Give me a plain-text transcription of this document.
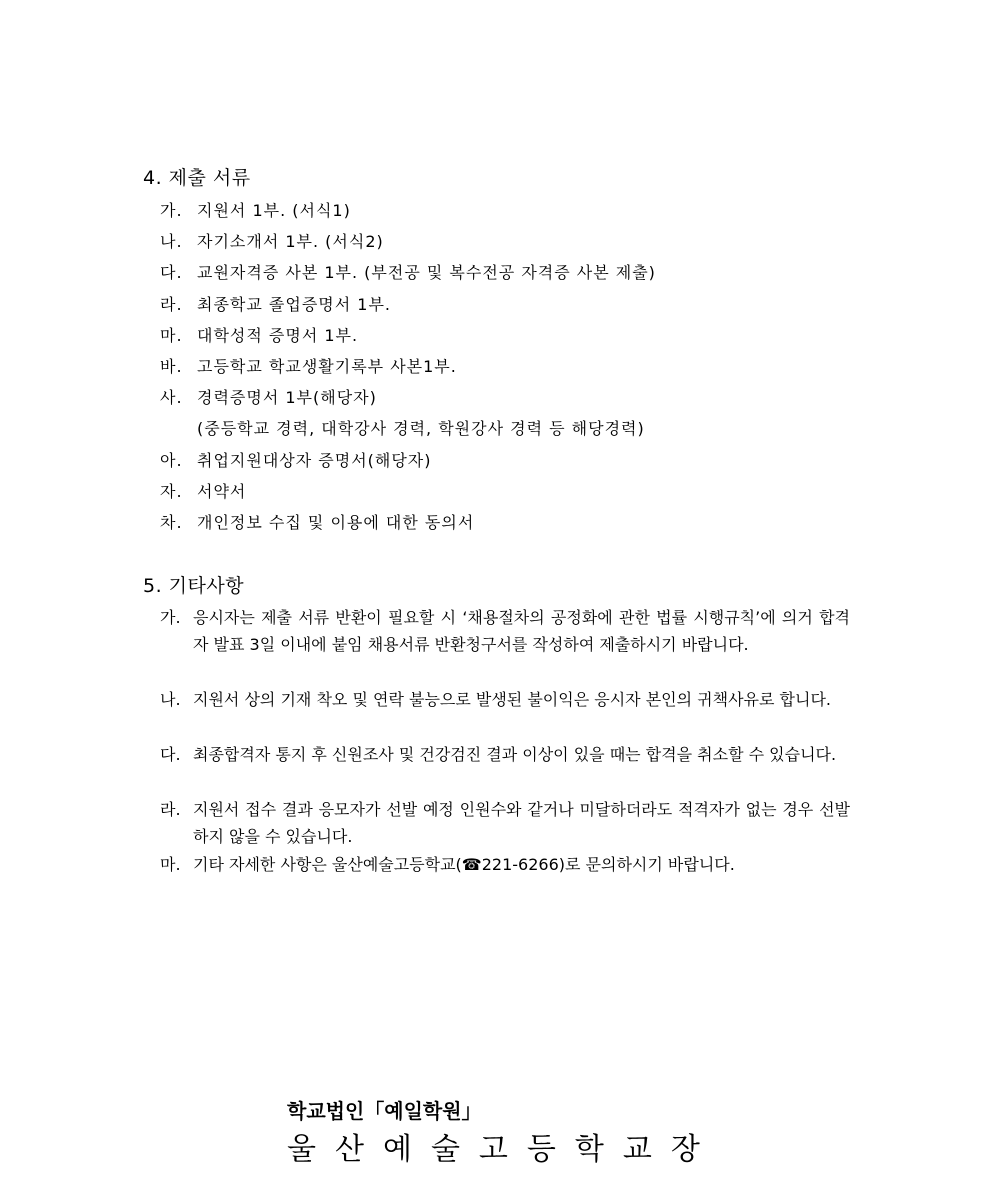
4. 제출 서류
가. 지원서 1부. (서식1)
나. 자기소개서 1부. (서식2)
다. 교원자격증 사본 1부. (부전공 및 복수전공 자격증 사본 제출)
라. 최종학교 졸업증명서 1부.
마. 대학성적 증명서 1부.
바. 고등학교 학교생활기록부 사본1부.
사. 경력증명서 1부(해당자)
(중등학교 경력, 대학강사 경력, 학원강사 경력 등 해당경력)
아. 취업지원대상자 증명서(해당자)
자. 서약서
차. 개인정보 수집 및 이용에 대한 동의서
5. 기타사항
가. 응시자는 제출 서류 반환이 필요할 시 ‘채용절차의 공정화에 관한 법률 시행규칙’에 의거 합격자 발표 3일 이내에 붙임 채용서류 반환청구서를 작성하여 제출하시기 바랍니다.
나. 지원서 상의 기재 착오 및 연락 불능으로 발생된 불이익은 응시자 본인의 귀책사유로 합니다.
다. 최종합격자 통지 후 신원조사 및 건강검진 결과 이상이 있을 때는 합격을 취소할 수 있습니다.
라. 지원서 접수 결과 응모자가 선발 예정 인원수와 같거나 미달하더라도 적격자가 없는 경우 선발하지 않을 수 있습니다.
마. 기타 자세한 사항은 울산예술고등학교(☎221-6266)로 문의하시기 바랍니다.
학교법인「예일학원」
울산예술고등학교장
